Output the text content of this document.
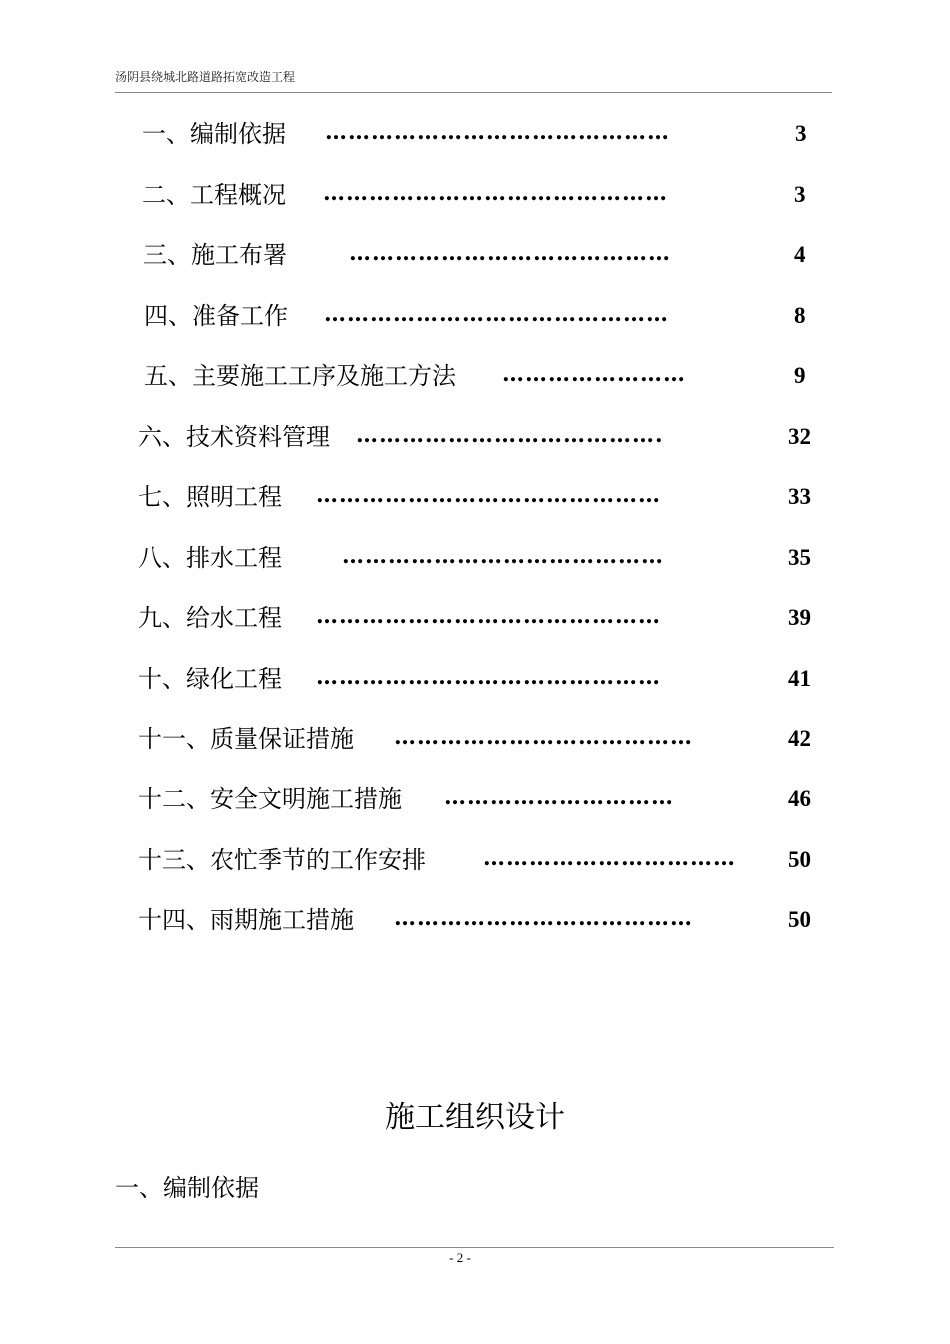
汤阴县绕城北路道路拓宽改造工程
一、编制依据 ………………………………………	3
二、工程概况 ………………………………………	3
三、施工布署	……………………………………	4
四、准备工作 ………………………………………	8
五、主要施工工序及施工方法 ……………………	9
六、技术资料管理 ………………………………….	32
七、照明工程 ………………………………………	33
八、排水工程	……………………………………	35
九、给水工程 ………………………………………	39
十、绿化工程 ………………………………………	41
十一、质量保证措施 …………………………………	42
十二、安全文明施工措施 …………………………	46
十三、农忙季节的工作安排	…………………………… 50
十四、雨期施工措施 …………………………………	50
施工组织设计
一、编制依据
- 2 -
